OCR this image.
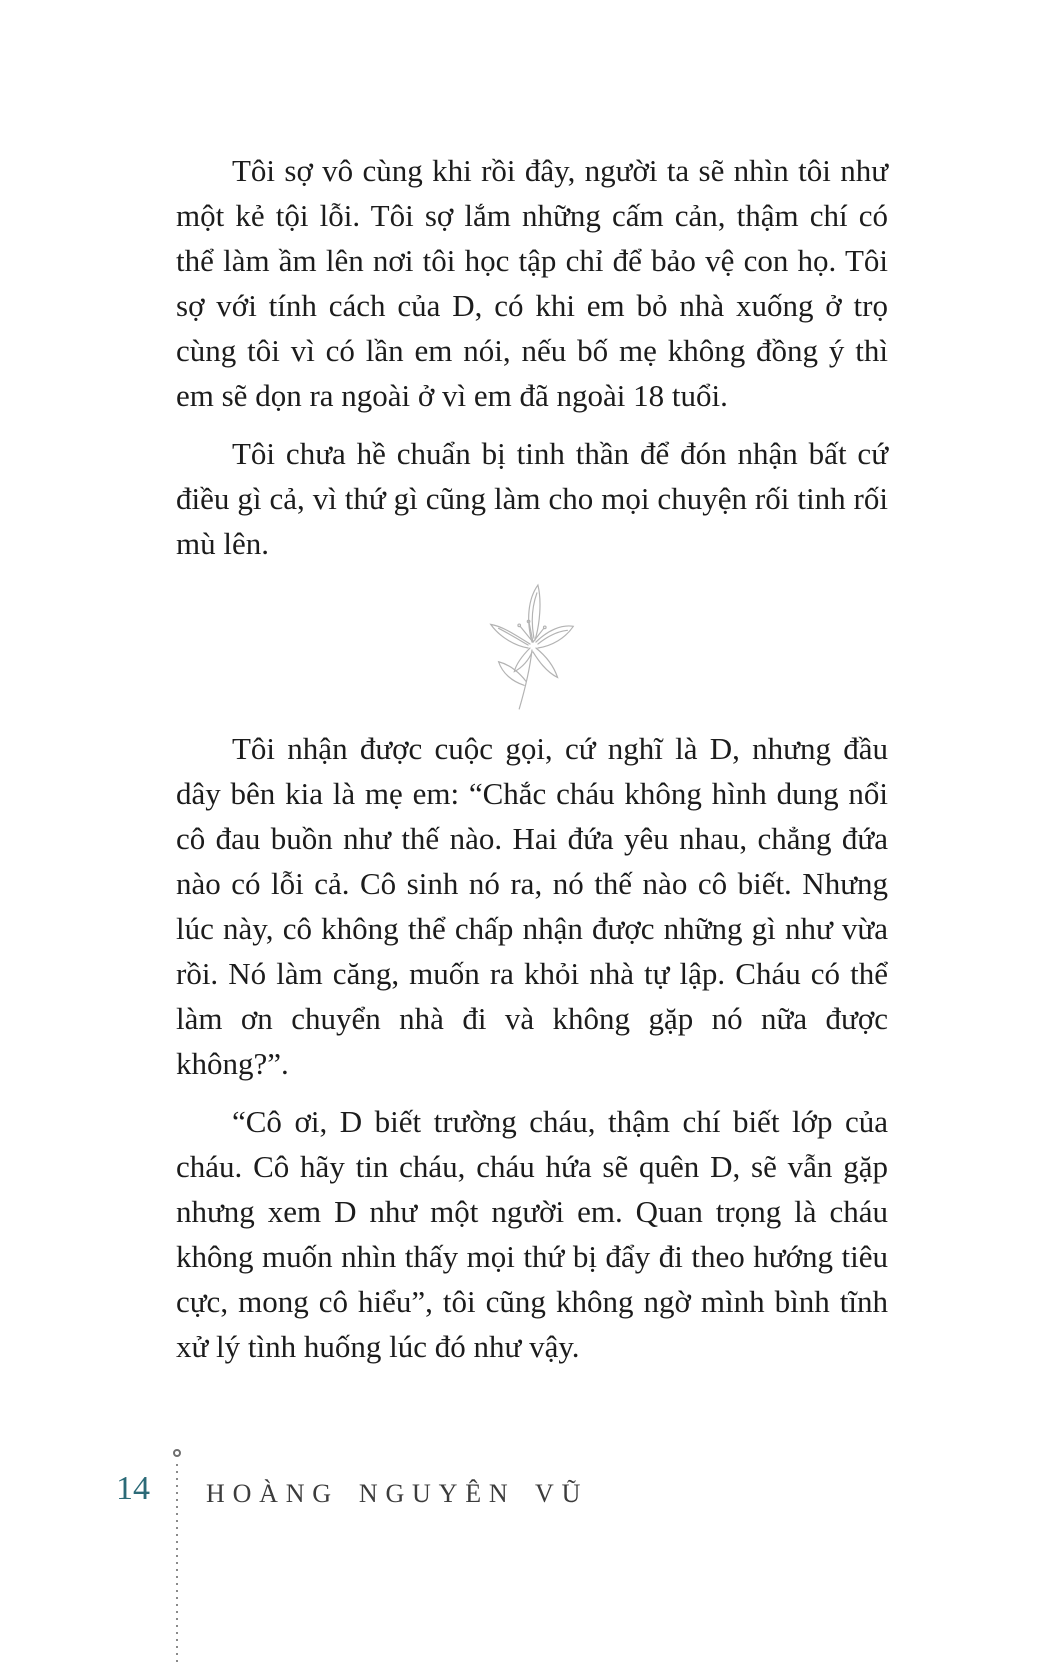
Tôi sợ vô cùng khi rồi đây, người ta sẽ nhìn tôi như một kẻ tội lỗi. Tôi sợ lắm những cấm cản, thậm chí có thể làm ầm lên nơi tôi học tập chỉ để bảo vệ con họ. Tôi sợ với tính cách của D, có khi em bỏ nhà xuống ở trọ cùng tôi vì có lần em nói, nếu bố mẹ không đồng ý thì em sẽ dọn ra ngoài ở vì em đã ngoài 18 tuổi.

Tôi chưa hề chuẩn bị tinh thần để đón nhận bất cứ điều gì cả, vì thứ gì cũng làm cho mọi chuyện rối tinh rối mù lên.

Tôi nhận được cuộc gọi, cứ nghĩ là D, nhưng đầu dây bên kia là mẹ em: “Chắc cháu không hình dung nổi cô đau buồn như thế nào. Hai đứa yêu nhau, chẳng đứa nào có lỗi cả. Cô sinh nó ra, nó thế nào cô biết. Nhưng lúc này, cô không thể chấp nhận được những gì như vừa rồi. Nó làm căng, muốn ra khỏi nhà tự lập. Cháu có thể làm ơn chuyển nhà đi và không gặp nó nữa được không?”.

“Cô ơi, D biết trường cháu, thậm chí biết lớp của cháu. Cô hãy tin cháu, cháu hứa sẽ quên D, sẽ vẫn gặp nhưng xem D như một người em. Quan trọng là cháu không muốn nhìn thấy mọi thứ bị đẩy đi theo hướng tiêu cực, mong cô hiểu”, tôi cũng không ngờ mình bình tĩnh xử lý tình huống lúc đó như vậy.

14 HOÀNG NGUYÊN VŨ
